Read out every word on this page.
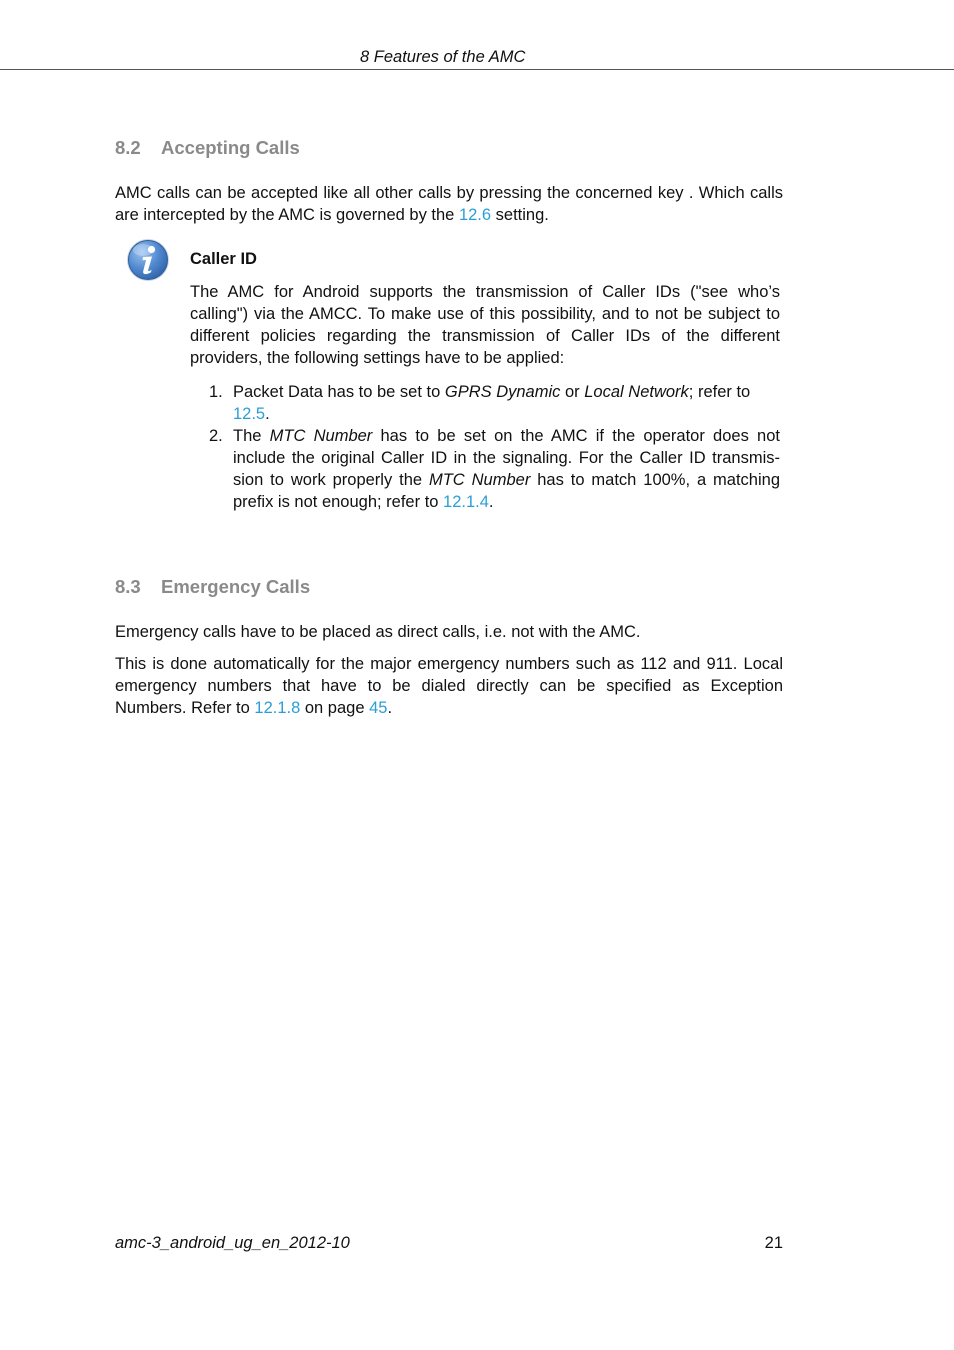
8 Features of the AMC
8.2 Accepting Calls

AMC calls can be accepted like all other calls by pressing the concerned key . Which calls are intercepted by the AMC is governed by the 12.6 setting.

Caller ID

The AMC for Android supports the transmission of Caller IDs ("see who’s calling") via the AMCC. To make use of this possibility, and to not be subject to different policies regarding the transmission of Caller IDs of the different providers, the following settings have to be applied:

1. Packet Data has to be set to GPRS Dynamic or Local Network; refer to
12.5.
2. The MTC Number has to be set on the AMC if the operator does not include the original Caller ID in the signaling. For the Caller ID transmis-sion to work properly the MTC Number has to match 100%, a matching prefix is not enough; refer to 12.1.4.
8.3 Emergency Calls

Emergency calls have to be placed as direct calls, i.e. not with the AMC.

This is done automatically for the major emergency numbers such as 112 and 911. Local emergency numbers that have to be dialed directly can be specified as Exception Numbers. Refer to 12.1.8 on page 45.

amc-3_android_ug_en_2012-10	21
